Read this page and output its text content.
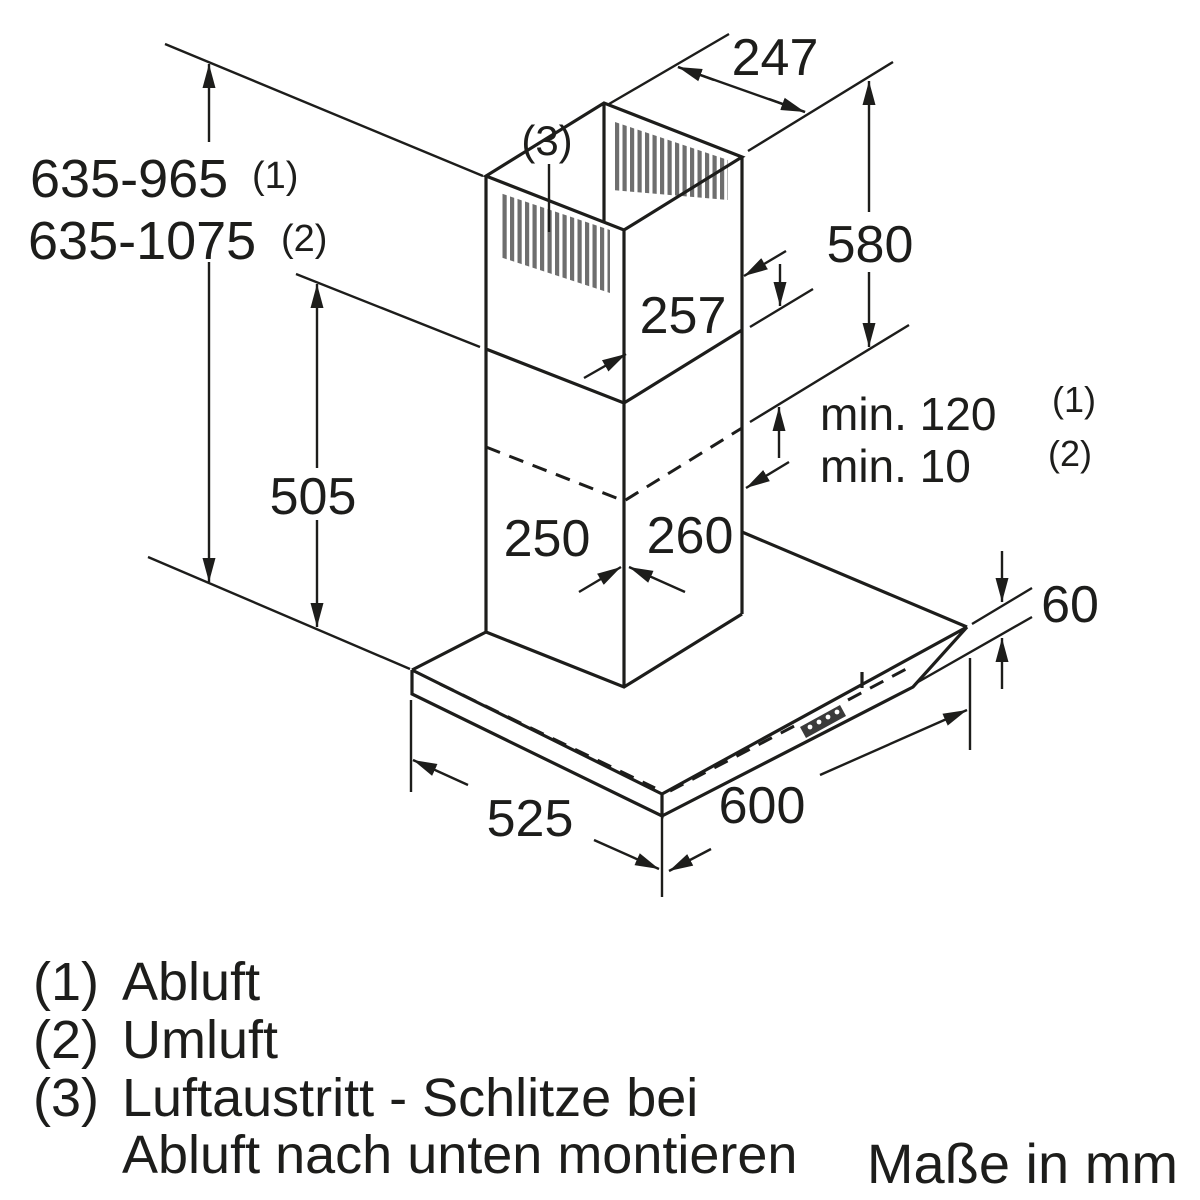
635-965 (1)
635-1075 (2)
247
(3)
580
257
min. 120 (1)
min. 10 (2)
505
250 260
60
525	600
(1) Abluft
(2) Umluft
(3) Luftaustritt - Schlitze bei
Abluft nach unten montieren Maße in mm
